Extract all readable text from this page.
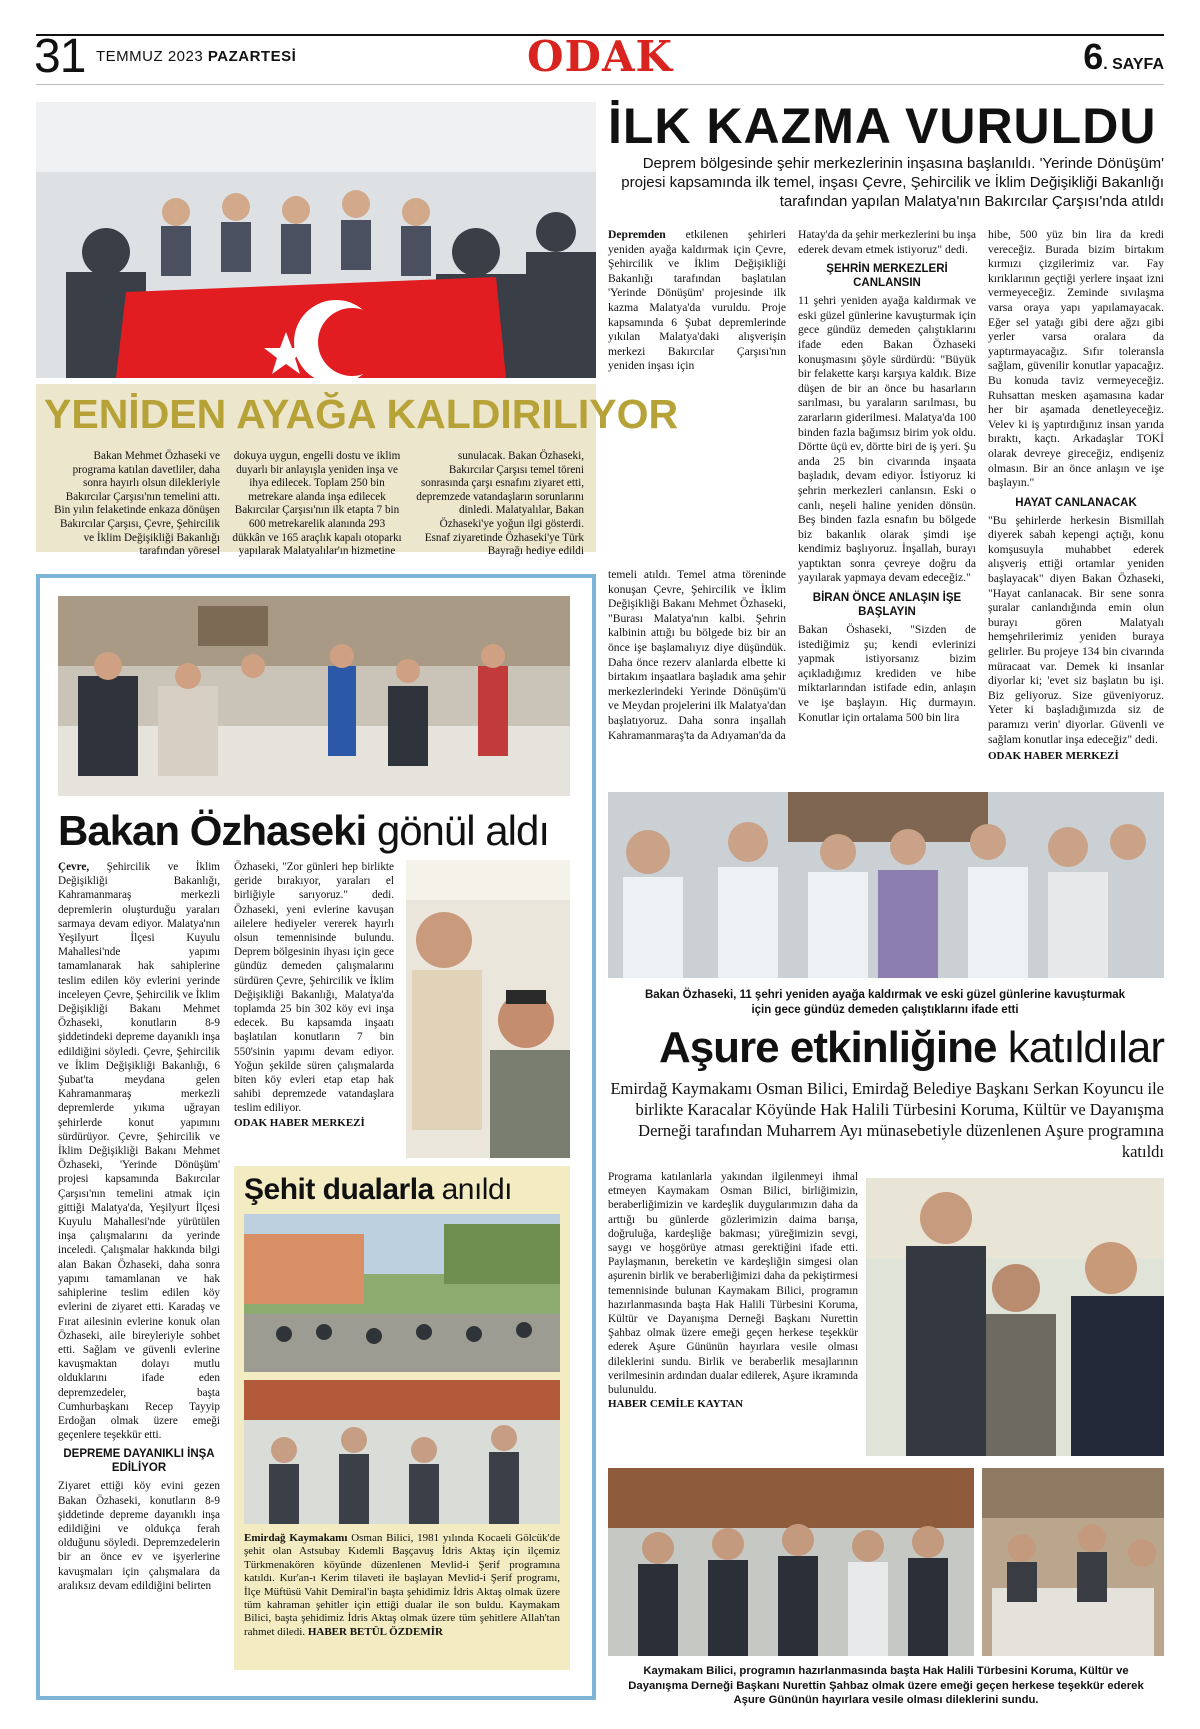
31 TEMMUZ 2023 PAZARTESİ	ODAK	6. SAYFA
İLK KAZMA VURULDU
Deprem bölgesinde şehir merkezlerinin inşasına başlanıldı. 'Yerinde Dönüşüm' projesi kapsamında ilk temel, inşası Çevre, Şehircilik ve İklim Değişikliği Bakanlığı tarafından yapılan Malatya'nın Bakırcılar Çarşısı'nda atıldı
Depremden etkilenen şehirleri yeniden ayağa kaldırmak için Çevre, Şehircilik ve İklim Değişikliği Bakanlığı tarafından başlatılan 'Yerinde Dönüşüm' projesinde ilk kazma Malatya'da vuruldu. Proje kapsamında 6 Şubat depremlerinde yıkılan Malatya'daki alışverişin merkezi Bakırcılar Çarşısı'nın yeniden inşası için
temeli atıldı. Temel atma töreninde konuşan Çevre, Şehircilik ve İklim Değişikliği Bakanı Mehmet Özhaseki, "Burası Malatya'nın kalbi. Şehrin kalbinin attığı bu bölgede biz bir an önce işe başlamalıyız diye düşündük. Daha önce rezerv alanlarda elbette ki birtakım inşaatlara başladık ama şehir merkezlerindeki Yerinde Dönüşüm'ü ve Meydan projelerini ilk Malatya'dan başlatıyoruz. Daha sonra inşallah Kahramanmaraş'ta da Adıyaman'da da
Hatay'da da şehir merkezlerini bu inşa ederek devam etmek istiyoruz" dedi.
ŞEHRİN MERKEZLERİ CANLANSIN
11 şehri yeniden ayağa kaldırmak ve eski güzel günlerine kavuşturmak için gece gündüz demeden çalıştıklarını ifade eden Bakan Özhaseki konuşmasını şöyle sürdürdü: "Büyük bir felakette karşı karşıya kaldık. Bize düşen de bir an önce bu hasarların sarılması, bu yaraların sarılması, bu zararların giderilmesi. Malatya'da 100 binden fazla bağımsız birim yok oldu. Dörtte üçü ev, dörtte biri de iş yeri. Şu anda 25 bin civarında inşaata başladık, devam ediyor. İstiyoruz ki şehrin merkezleri canlansın. Eski o canlı, neşeli haline yeniden dönsün. Beş binden fazla esnafın bu bölgede biz bakanlık olarak şimdi işe kendimiz başlıyoruz. İnşallah, burayı yaptıktan sonra çevreye doğru da yayılarak yapmaya devam edeceğiz."
BİRAN ÖNCE ANLAŞIN İŞE BAŞLAYIN
Bakan Öshaseki, "Sizden de istediğimiz şu; kendi evlerinizi yapmak istiyorsanız bizim açıkladığımız krediden ve hibe miktarlarından istifade edin, anlaşın ve işe başlayın. Hiç durmayın. Konutlar için ortalama 500 bin lira
hibe, 500 yüz bin lira da kredi vereceğiz. Burada bizim birtakım kırmızı çizgilerimiz var. Fay kırıklarının geçtiği yerlere inşaat izni vermeyeceğiz. Zeminde sıvılaşma varsa oraya yapı yapılamayacak. Eğer sel yatağı gibi dere ağzı gibi yerler varsa oralara da yaptırmayacağız. Sıfır toleransla sağlam, güvenilir konutlar yapacağız. Bu konuda taviz vermeyeceğiz. Ruhsattan mesken aşamasına kadar her bir aşamada denetleyeceğiz. Velev ki iş yaptırdığınız insan yarıda bıraktı, kaçtı. Arkadaşlar TOKİ olarak devreye gireceğiz, endişeniz olmasın. Bir an önce anlaşın ve işe başlayın."
HAYAT CANLANACAK
"Bu şehirlerde herkesin Bismillah diyerek sabah kepengi açtığı, konu komşusuyla muhabbet ederek alışveriş ettiği ortamlar yeniden başlayacak" diyen Bakan Özhaseki, "Hayat canlanacak. Bir sene sonra şuralar canlandığında emin olun burayı gören Malatyalı hemşehrilerimiz yeniden buraya gelirler. Bu projeye 134 bin civarında müracaat var. Demek ki insanlar diyorlar ki; 'evet siz başlatın bu işi. Biz geliyoruz. Size güveniyoruz. Yeter ki başladığımızda siz de paramızı verin' diyorlar. Güvenli ve sağlam konutlar inşa edeceğiz" dedi.
ODAK HABER MERKEZİ
YENİDEN AYAĞA KALDIRILIYOR
Bakan Mehmet Özhaseki ve programa katılan davetliler, daha sonra hayırlı olsun dilekleriyle Bakırcılar Çarşısı'nın temelini attı. Bin yılın felaketinde enkaza dönüşen Bakırcılar Çarşısı, Çevre, Şehircilik ve İklim Değişikliği Bakanlığı tarafından yöresel
dokuya uygun, engelli dostu ve iklim duyarlı bir anlayışla yeniden inşa ve ihya edilecek. Toplam 250 bin metrekare alanda inşa edilecek Bakırcılar Çarşısı'nın ilk etapta 7 bin 600 metrekarelik alanında 293 dükkân ve 165 araçlık kapalı otoparkı yapılarak Malatyalılar'ın hizmetine
sunulacak. Bakan Özhaseki, Bakırcılar Çarşısı temel töreni sonrasında çarşı esnafını ziyaret etti, depremzede vatandaşların sorunlarını dinledi. Malatyalılar, Bakan Özhaseki'ye yoğun ilgi gösterdi. Esnaf ziyaretinde Özhaseki'ye Türk Bayrağı hediye edildi
Bakan Özhaseki gönül aldı
Çevre, Şehircilik ve İklim Değişikliği Bakanlığı, Kahramanmaraş merkezli depremlerin oluşturduğu yaraları sarmaya devam ediyor. Malatya'nın Yeşilyurt İlçesi Kuyulu Mahallesi'nde yapımı tamamlanarak hak sahiplerine teslim edilen köy evlerini yerinde inceleyen Çevre, Şehircilik ve İklim Değişikliği Bakanı Mehmet Özhaseki, konutların 8-9 şiddetindeki depreme dayanıklı inşa edildiğini söyledi. Çevre, Şehircilik ve İklim Değişikliği Bakanlığı, 6 Şubat'ta meydana gelen Kahramanmaraş merkezli depremlerde yıkıma uğrayan şehirlerde konut yapımını sürdürüyor. Çevre, Şehircilik ve İklim Değişikliği Bakanı Mehmet Özhaseki, 'Yerinde Dönüşüm' projesi kapsamında Bakırcılar Çarşısı'nın temelini atmak için gittiği Malatya'da, Yeşilyurt İlçesi Kuyulu Mahallesi'nde yürütülen inşa çalışmalarını da yerinde inceledi. Çalışmalar hakkında bilgi alan Bakan Özhaseki, daha sonra yapımı tamamlanan ve hak sahiplerine teslim edilen köy evlerini de ziyaret etti. Karadaş ve Fırat ailesinin evlerine konuk olan Özhaseki, aile bireyleriyle sohbet etti. Sağlam ve güvenli evlerine kavuşmaktan dolayı mutlu olduklarını ifade eden depremzedeler, başta Cumhurbaşkanı Recep Tayyip Erdoğan olmak üzere emeği geçenlere teşekkür etti.
DEPREME DAYANIKLI İNŞA EDİLİYOR
Ziyaret ettiği köy evini gezen Bakan Özhaseki, konutların 8-9 şiddetinde depreme dayanıklı inşa edildiğini ve oldukça ferah olduğunu söyledi. Depremzedelerin bir an önce ev ve işyerlerine kavuşmaları için çalışmalara da aralıksız devam edildiğini belirten
Özhaseki, "Zor günleri hep birlikte geride bırakıyor, yaraları el birliğiyle sarıyoruz." dedi. Özhaseki, yeni evlerine kavuşan ailelere hediyeler vererek hayırlı olsun temennisinde bulundu. Deprem bölgesinin ihyası için gece gündüz demeden çalışmalarını sürdüren Çevre, Şehircilik ve İklim Değişikliği Bakanlığı, Malatya'da toplamda 25 bin 302 köy evi inşa edecek. Bu kapsamda inşaatı başlatılan konutların 7 bin 550'sinin yapımı devam ediyor. Yoğun şekilde süren çalışmalarda biten köy evleri etap etap hak sahibi depremzede vatandaşlara teslim ediliyor.
ODAK HABER MERKEZİ
Şehit dualarla anıldı
Emirdağ Kaymakamı Osman Bilici, 1981 yılında Kocaeli Gölcük'de şehit olan Astsubay Kıdemli Başçavuş İdris Aktaş için ilçemiz Türkmenakören köyünde düzenlenen Mevlid-i Şerif programına katıldı. Kur'an-ı Kerim tilaveti ile başlayan Mevlid-i Şerif programı, İlçe Müftüsü Vahit Demiral'in başta şehidimiz İdris Aktaş olmak üzere tüm kahraman şehitler için ettiği dualar ile son buldu. Kaymakam Bilici, başta şehidimiz İdris Aktaş olmak üzere tüm şehitlere Allah'tan rahmet diledi. HABER BETÜL ÖZDEMİR
Bakan Özhaseki, 11 şehri yeniden ayağa kaldırmak ve eski güzel günlerine kavuşturmak için gece gündüz demeden çalıştıklarını ifade etti
Aşure etkinliğine katıldılar
Emirdağ Kaymakamı Osman Bilici, Emirdağ Belediye Başkanı Serkan Koyuncu ile birlikte Karacalar Köyünde Hak Halili Türbesini Koruma, Kültür ve Dayanışma Derneği tarafından Muharrem Ayı münasebetiyle düzenlenen Aşure programına katıldı
Programa katılanlarla yakından ilgilenmeyi ihmal etmeyen Kaymakam Osman Bilici, birliğimizin, beraberliğimizin ve kardeşlik duygularımızın daha da arttığı bu günlerde gözlerimizin daima barışa, doğruluğa, kardeşliğe bakması; yüreğimizin sevgi, saygı ve hoşgörüye atması gerektiğini ifade etti. Paylaşmanın, bereketin ve kardeşliğin simgesi olan aşurenin birlik ve beraberliğimizi daha da pekiştirmesi temennisinde bulunan Kaymakam Bilici, programın hazırlanmasında başta Hak Halili Türbesini Koruma, Kültür ve Dayanışma Derneği Başkanı Nurettin Şahbaz olmak üzere emeği geçen herkese teşekkür ederek Aşure Gününün hayırlara vesile olması dileklerini sundu. Birlik ve beraberlik mesajlarının verilmesinin ardından dualar edilerek, Aşure ikramında bulunuldu.
HABER CEMİLE KAYTAN
Kaymakam Bilici, programın hazırlanmasında başta Hak Halili Türbesini Koruma, Kültür ve Dayanışma Derneği Başkanı Nurettin Şahbaz olmak üzere emeği geçen herkese teşekkür ederek Aşure Gününün hayırlara vesile olması dileklerini sundu.
